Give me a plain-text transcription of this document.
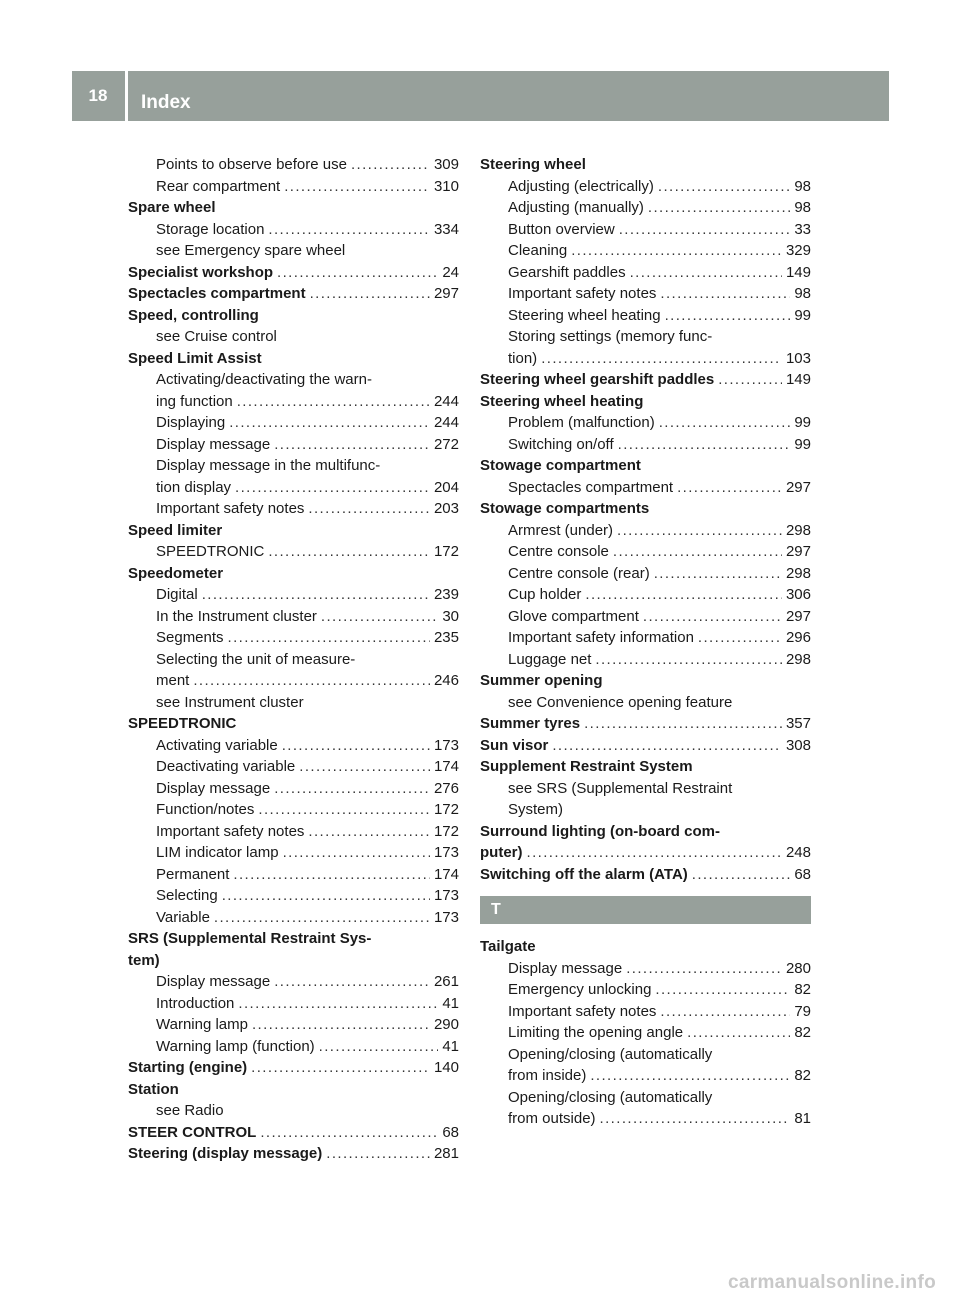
18	Index
Points to observe before use .....	309
Rear compartment .....	310
Spare wheel
Storage location .....	334
see Emergency spare wheel
Specialist workshop .....	24
Spectacles compartment .....	297
Speed, controlling
see Cruise control
Speed Limit Assist
Activating/deactivating the warn-
ing function .....	244
Displaying .....	244
Display message .....	272
Display message in the multifunc-
tion display .....	204
Important safety notes .....	203
Speed limiter
SPEEDTRONIC .....	172
Speedometer
Digital .....	239
In the Instrument cluster .....	30
Segments .....	235
Selecting the unit of measure-
ment .....	246
see Instrument cluster
SPEEDTRONIC
Activating variable .....	173
Deactivating variable .....	174
Display message .....	276
Function/notes .....	172
Important safety notes .....	172
LIM indicator lamp .....	173
Permanent .....	174
Selecting .....	173
Variable .....	173
SRS (Supplemental Restraint Sys-
tem)
Display message .....	261
Introduction .....	41
Warning lamp .....	290
Warning lamp (function) .....	41
Starting (engine) .....	140
Station
see Radio
STEER CONTROL .....	68
Steering (display message) .....	281
Steering wheel
Adjusting (electrically) .....	98
Adjusting (manually) .....	98
Button overview .....	33
Cleaning .....	329
Gearshift paddles .....	149
Important safety notes .....	98
Steering wheel heating .....	99
Storing settings (memory func-
tion) .....	103
Steering wheel gearshift paddles .....	149
Steering wheel heating
Problem (malfunction) .....	99
Switching on/off .....	99
Stowage compartment
Spectacles compartment .....	297
Stowage compartments
Armrest (under) .....	298
Centre console .....	297
Centre console (rear) .....	298
Cup holder .....	306
Glove compartment .....	297
Important safety information .....	296
Luggage net .....	298
Summer opening
see Convenience opening feature
Summer tyres .....	357
Sun visor .....	308
Supplement Restraint System
see SRS (Supplemental Restraint
System)
Surround lighting (on-board com-
puter) .....	248
Switching off the alarm (ATA) .....	68
T
Tailgate
Display message .....	280
Emergency unlocking .....	82
Important safety notes .....	79
Limiting the opening angle .....	82
Opening/closing (automatically
from inside) .....	82
Opening/closing (automatically
from outside) .....	81
carmanualsonline.info
